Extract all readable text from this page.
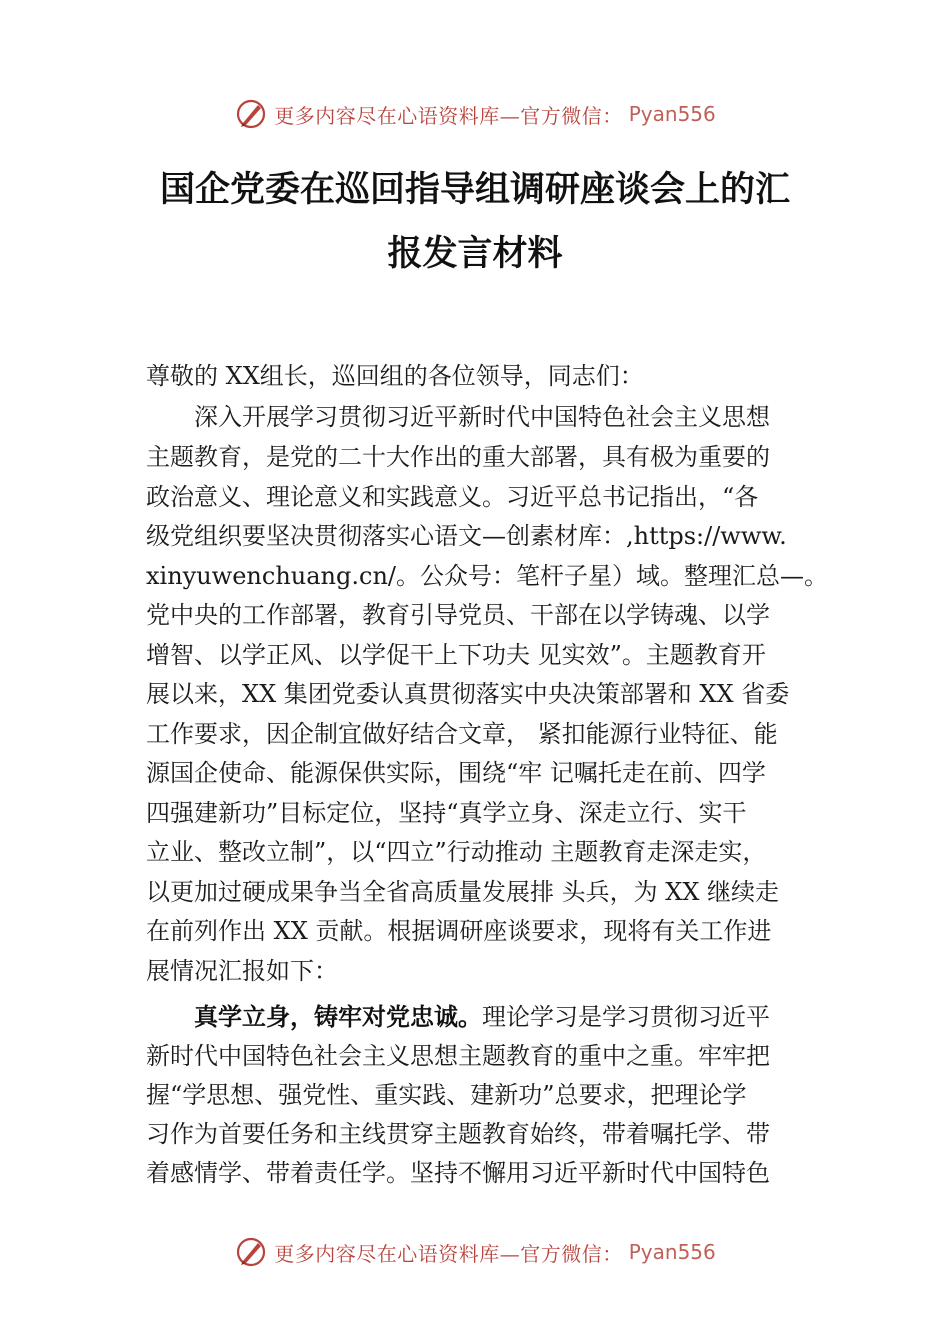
更多内容尽在心语资料库—官方微信： Pyan556
国企党委在巡回指导组调研座谈会上的汇
报发言材料
尊敬的 XX组长，巡回组的各位领导，同志们：
深入开展学习贯彻习近平新时代中国特色社会主义思想
主题教育，是党的二十大作出的重大部署，具有极为重要的
政治意义、理论意义和实践意义。习近平总书记指出，“各
级党组织要坚决贯彻落实心语文—创素材库：,https://www.
xinyuwenchuang.cn/。公众号：笔杆子星）域。整理汇总—。
党中央的工作部署，教育引导党员、干部在以学铸魂、以学
增智、以学正风、以学促干上下功夫 见实效”。主题教育开
展以来，XX 集团党委认真贯彻落实中央决策部署和 XX 省委
工作要求，因企制宜做好结合文章， 紧扣能源行业特征、能
源国企使命、能源保供实际，围绕“牢 记嘱托走在前、四学
四强建新功”目标定位，坚持“真学立身、深走立行、实干
立业、整改立制”，以“四立”行动推动 主题教育走深走实，
以更加过硬成果争当全省高质量发展排 头兵，为 XX 继续走
在前列作出 XX 贡献。根据调研座谈要求，现将有关工作进
展情况汇报如下：
真学立身，铸牢对党忠诚。理论学习是学习贯彻习近平
新时代中国特色社会主义思想主题教育的重中之重。牢牢把
握“学思想、强党性、重实践、建新功”总要求，把理论学
习作为首要任务和主线贯穿主题教育始终，带着嘱托学、带
着感情学、带着责任学。坚持不懈用习近平新时代中国特色
更多内容尽在心语资料库—官方微信： Pyan556
